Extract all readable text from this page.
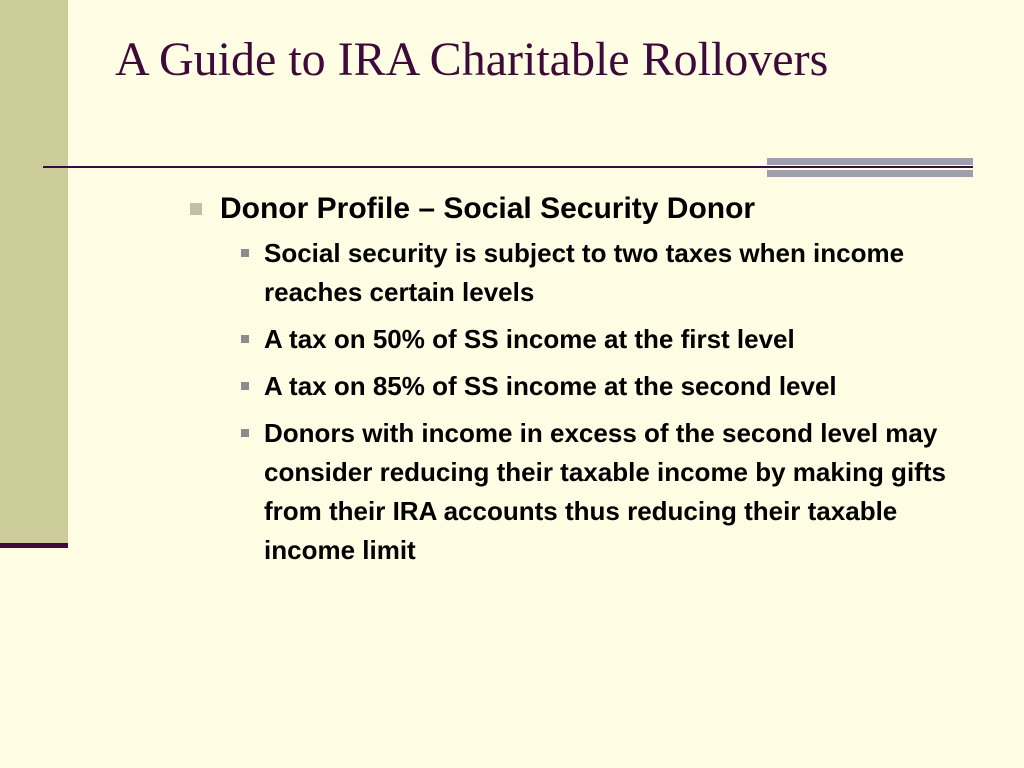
A Guide to IRA Charitable Rollovers
Donor Profile – Social Security Donor
Social security is subject to two taxes when income reaches certain levels
A tax on 50% of SS income at the first level
A tax on 85% of SS income at the second level
Donors with income in excess of the second level may consider reducing their taxable income by making gifts from their IRA accounts thus reducing their taxable income limit
